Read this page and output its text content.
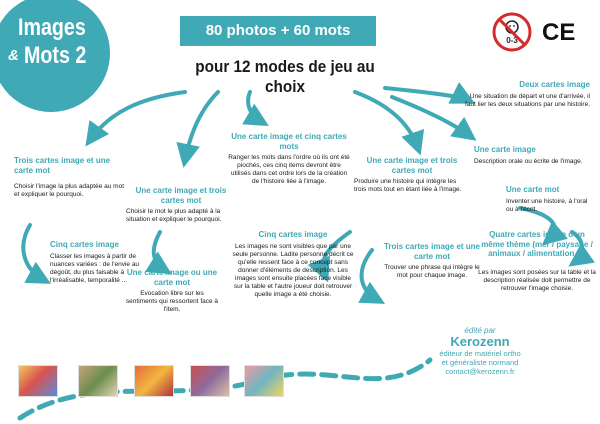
Images
& Mots 2
80 photos + 60 mots
pour 12 modes de jeu au choix
0-3 CE
Deux cartes image
Une situation de départ et une d'arrivée, il faut lier les deux situations par une histoire.
Une carte image
Description orale ou écrite de l'image.
Une carte mot
Inventer une histoire, à l'oral ou à l'écrit.
Quatre cartes image d'un même thème (mer / paysage / animaux / alimentation ...)
Les images sont posées sur la table et la description réalisée doit permettre de retrouver l'image choisie.
Trois cartes image et une carte mot
Choisir l'image la plus adaptée au mot et expliquer le pourquoi.
Cinq cartes image
Classer les images à partir de nuances variées : de l'envie au dégoût, du plus faisable à l'irréalisable, temporalité ...
Une carte image et trois cartes mot
Choisir le mot le plus adapté à la situation et expliquer le pourquoi.
Une carte image ou une carte mot
Evocation libre sur les sentiments qui ressortent face à l'item.
Une carte image et cinq cartes mots
Ranger les mots dans l'ordre où ils ont été piochés, ces cinq items devront être utilisés dans cet ordre lors de la création de l'histoire liée à l'image.
Cinq cartes image
Les images ne sont visibles que par une seule personne. Ladite personne décrit ce qu'elle ressent face à ce concept sans donner d'éléments de description. Les images sont ensuite placées face visible sur la table et l'autre joueur doit retrouver quelle image a été choisie.
Une carte image et trois cartes mot
Produire une histoire qui intègre les trois mots tout en étant liée à l'image.
Trois cartes image et une carte mot
Trouver une phrase qui intègre le mot pour chaque image.
édité par
Kerozenn
éditeur de matériel ortho
et généraliste normand
contact@kerozenn.fr
